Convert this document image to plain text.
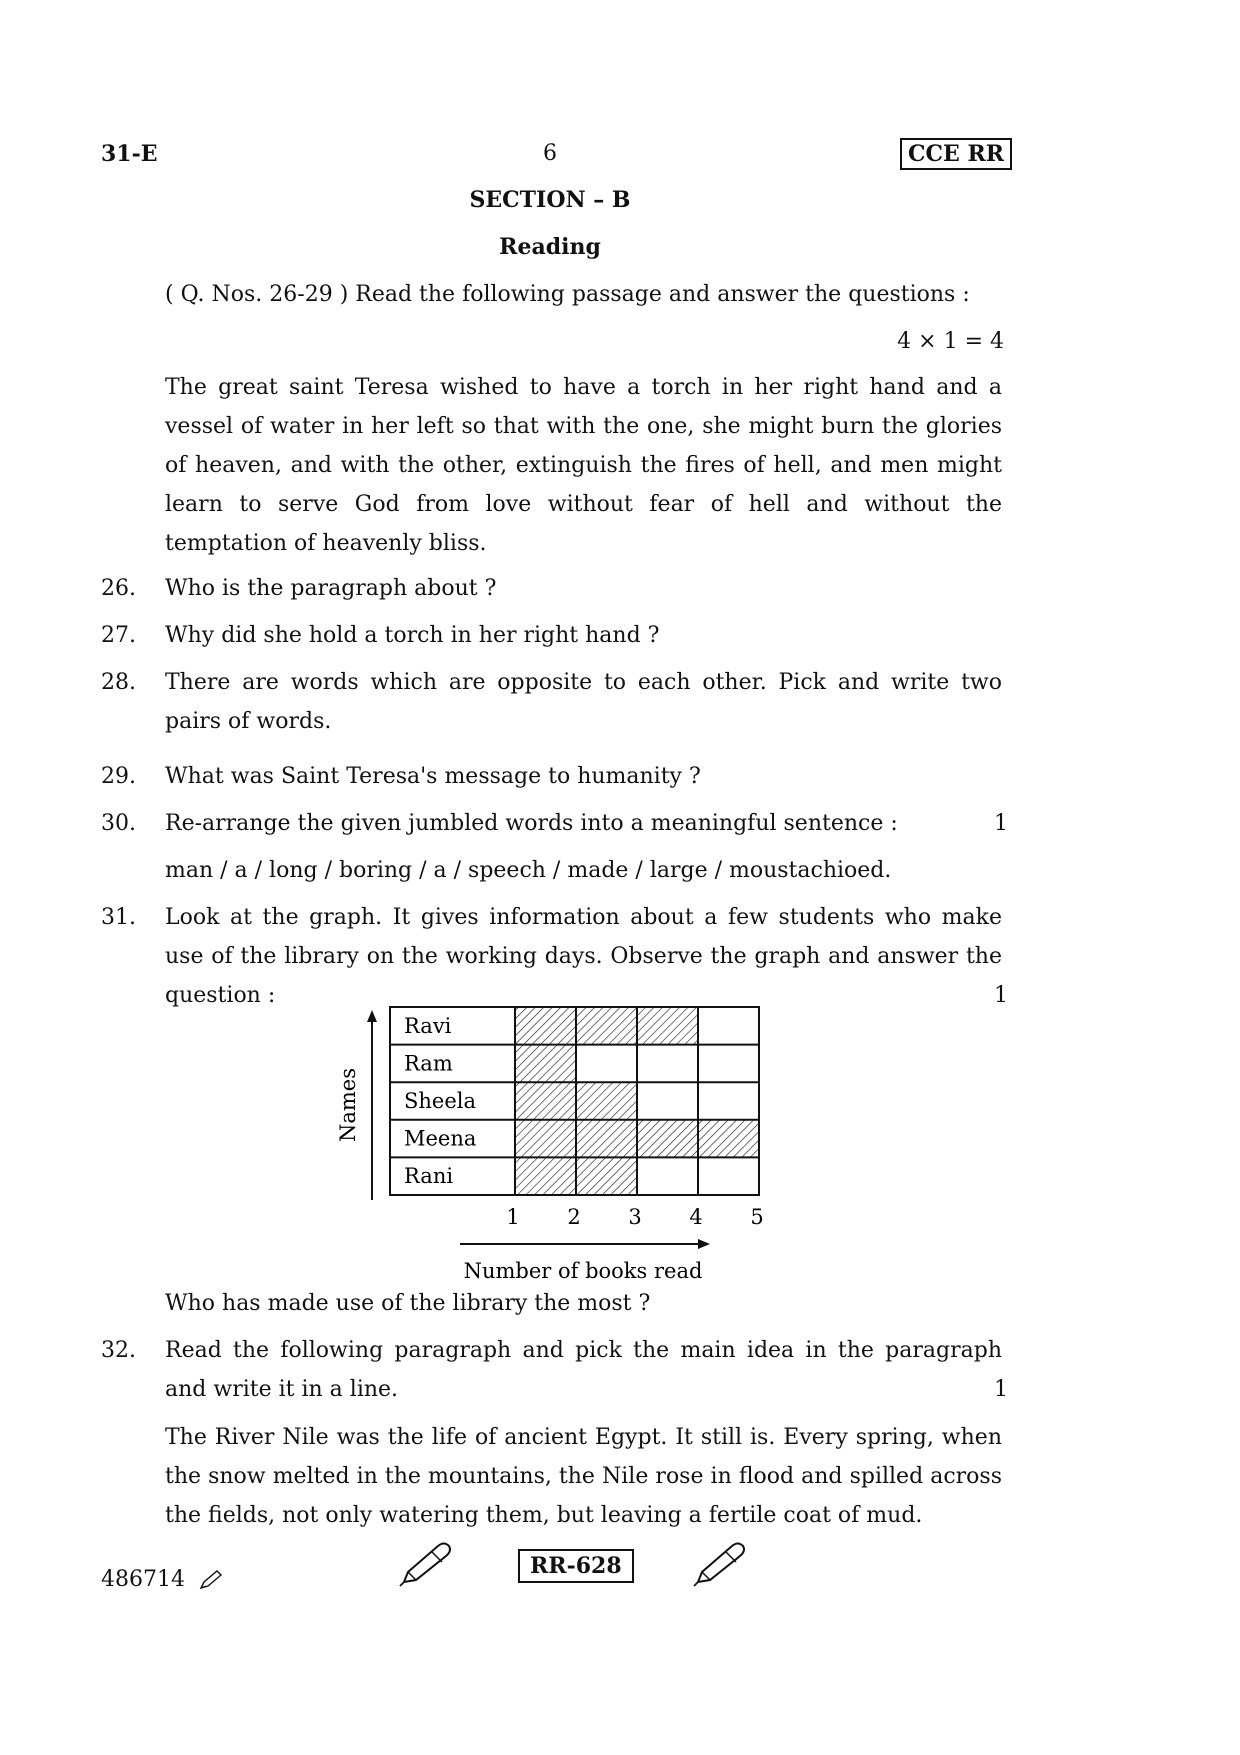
31-E	6	CCE RR
SECTION – B
Reading
( Q. Nos. 26-29 ) Read the following passage and answer the questions :
4 × 1 = 4
The great saint Teresa wished to have a torch in her right hand and a vessel of water in her left so that with the one, she might burn the glories of heaven, and with the other, extinguish the fires of hell, and men might learn to serve God from love without fear of hell and without the temptation of heavenly bliss.
26. Who is the paragraph about ?
27. Why did she hold a torch in her right hand ?
28. There are words which are opposite to each other. Pick and write two pairs of words.
29. What was Saint Teresa's message to humanity ?
30. Re-arrange the given jumbled words into a meaningful sentence :	1
man / a / long / boring / a / speech / made / large / moustachioed.
31. Look at the graph. It gives information about a few students who make use of the library on the working days. Observe the graph and answer the question :	1
Ravi
Ram
Sheela
Meena
Rani
1 2 3 4 5
Names
Number of books read
Who has made use of the library the most ?
32. Read the following paragraph and pick the main idea in the paragraph and write it in a line.	1
The River Nile was the life of ancient Egypt. It still is. Every spring, when the snow melted in the mountains, the Nile rose in flood and spilled across the fields, not only watering them, but leaving a fertile coat of mud.
486714
RR-628
